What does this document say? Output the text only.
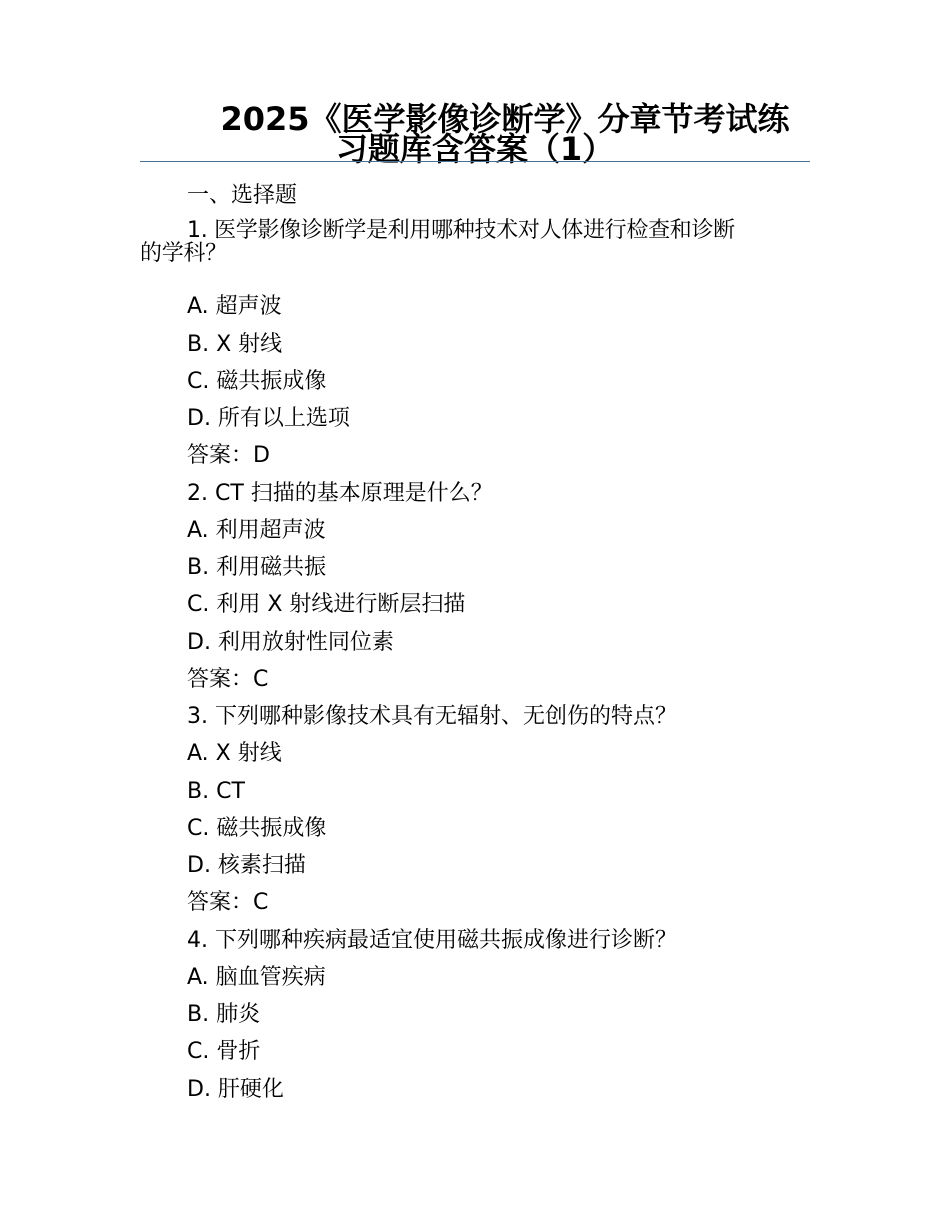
2025《医学影像诊断学》分章节考试练
习题库含答案（1）
一、选择题
1. 医学影像诊断学是利用哪种技术对人体进行检查和诊断
的学科？
A. 超声波
B. X 射线
C. 磁共振成像
D. 所有以上选项
答案：D
2. CT 扫描的基本原理是什么？
A. 利用超声波
B. 利用磁共振
C. 利用 X 射线进行断层扫描
D. 利用放射性同位素
答案：C
3. 下列哪种影像技术具有无辐射、无创伤的特点？
A. X 射线
B. CT
C. 磁共振成像
D. 核素扫描
答案：C
4. 下列哪种疾病最适宜使用磁共振成像进行诊断？
A. 脑血管疾病
B. 肺炎
C. 骨折
D. 肝硬化
